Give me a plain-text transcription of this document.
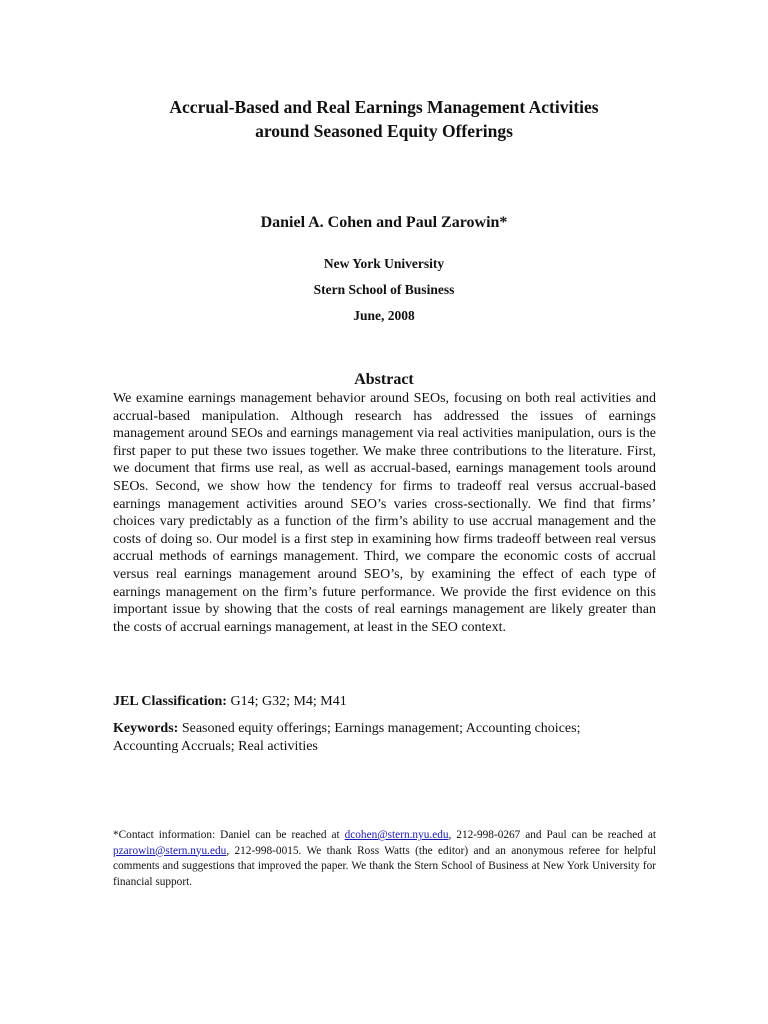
Accrual-Based and Real Earnings Management Activities
around Seasoned Equity Offerings
Daniel A. Cohen and Paul Zarowin*
New York University
Stern School of Business
June, 2008
Abstract

We examine earnings management behavior around SEOs, focusing on both real activities and accrual-based manipulation. Although research has addressed the issues of earnings management around SEOs and earnings management via real activities manipulation, ours is the first paper to put these two issues together. We make three contributions to the literature. First, we document that firms use real, as well as accrual-based, earnings management tools around SEOs. Second, we show how the tendency for firms to tradeoff real versus accrual-based earnings management activities around SEO’s varies cross-sectionally. We find that firms’ choices vary predictably as a function of the firm’s ability to use accrual management and the costs of doing so. Our model is a first step in examining how firms tradeoff between real versus accrual methods of earnings management. Third, we compare the economic costs of accrual versus real earnings management around SEO’s, by examining the effect of each type of earnings management on the firm’s future performance. We provide the first evidence on this important issue by showing that the costs of real earnings management are likely greater than the costs of accrual earnings management, at least in the SEO context.

JEL Classification: G14; G32; M4; M41

Keywords: Seasoned equity offerings; Earnings management; Accounting choices; Accounting Accruals; Real activities

*Contact information: Daniel can be reached at dcohen@stern.nyu.edu, 212-998-0267 and Paul can be reached at pzarowin@stern.nyu.edu, 212-998-0015. We thank Ross Watts (the editor) and an anonymous referee for helpful comments and suggestions that improved the paper. We thank the Stern School of Business at New York University for financial support.
